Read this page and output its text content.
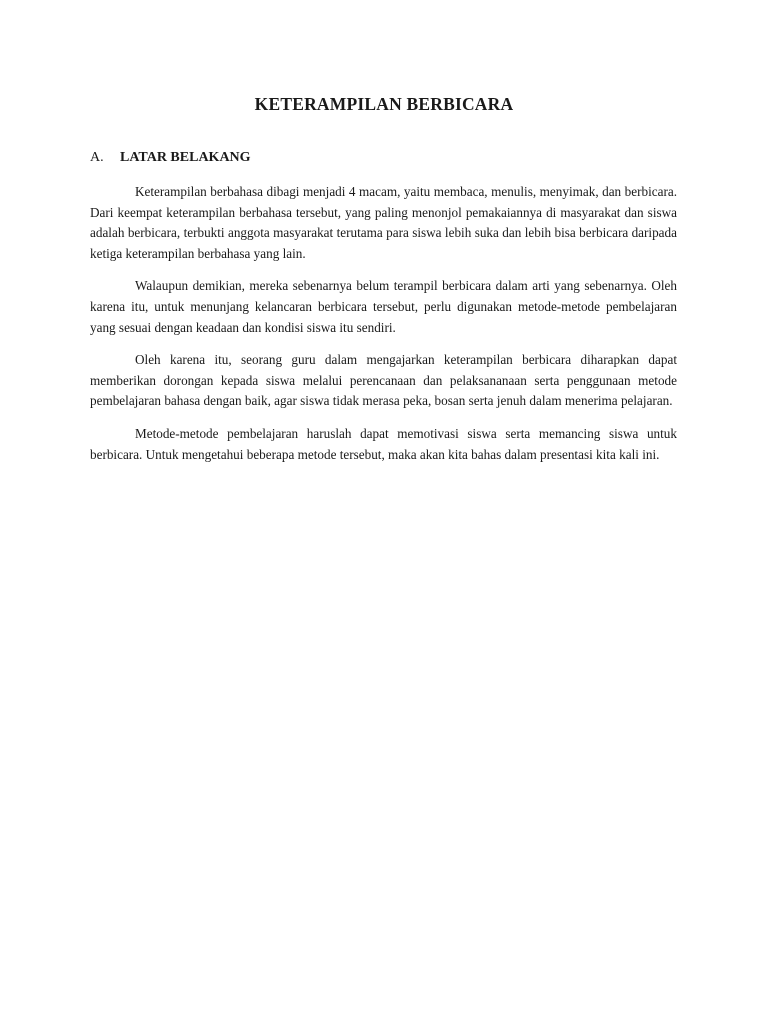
KETERAMPILAN BERBICARA
A.	LATAR BELAKANG

Keterampilan berbahasa dibagi menjadi 4 macam, yaitu membaca, menulis, menyimak, dan berbicara. Dari keempat keterampilan berbahasa tersebut, yang paling menonjol pemakaiannya di masyarakat dan siswa adalah berbicara, terbukti anggota masyarakat terutama para siswa lebih suka dan lebih bisa berbicara daripada ketiga keterampilan berbahasa yang lain.

Walaupun demikian, mereka sebenarnya belum terampil berbicara dalam arti yang sebenarnya. Oleh karena itu, untuk menunjang kelancaran berbicara tersebut, perlu digunakan metode-metode pembelajaran yang sesuai dengan keadaan dan kondisi siswa itu sendiri.

Oleh karena itu, seorang guru dalam mengajarkan keterampilan berbicara diharapkan dapat memberikan dorongan kepada siswa melalui perencanaan dan pelaksananaan serta penggunaan metode pembelajaran bahasa dengan baik, agar siswa tidak merasa peka, bosan serta jenuh dalam menerima pelajaran.

Metode-metode pembelajaran haruslah dapat memotivasi siswa serta memancing siswa untuk berbicara. Untuk mengetahui beberapa metode tersebut, maka akan kita bahas dalam presentasi kita kali ini.
